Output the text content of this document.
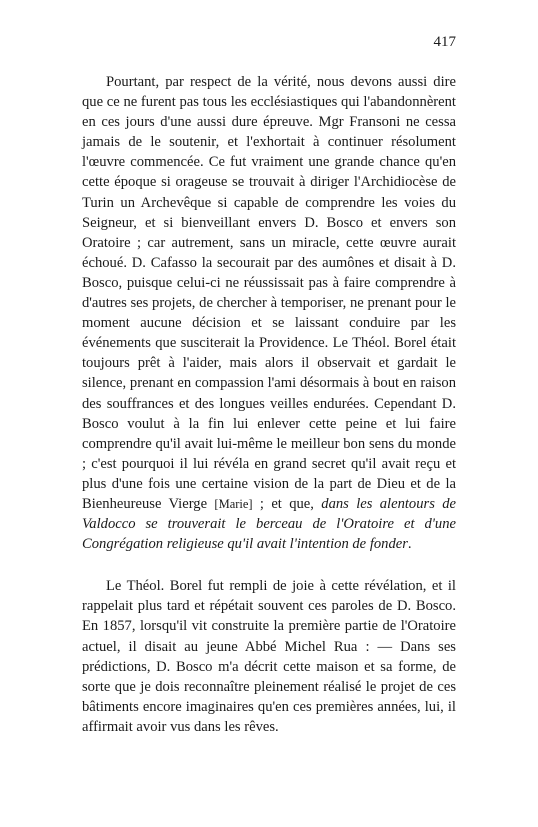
417

Pourtant, par respect de la vérité, nous devons aussi dire que ce ne furent pas tous les ecclésiastiques qui l'abandonnèrent en ces jours d'une aussi dure épreuve. Mgr Fransoni ne cessa jamais de le soutenir, et l'exhortait à continuer résolument l'œuvre commencée. Ce fut vraiment une grande chance qu'en cette époque si orageuse se trouvait à diriger l'Archidiocèse de Turin un Archevêque si capable de comprendre les voies du Seigneur, et si bienveillant envers D. Bosco et envers son Oratoire ; car autrement, sans un miracle, cette œuvre aurait échoué. D. Cafasso la secourait par des aumônes et disait à D. Bosco, puisque celui-ci ne réussissait pas à faire comprendre à d'autres ses projets, de chercher à temporiser, ne prenant pour le moment aucune décision et se laissant conduire par les événements que susciterait la Providence. Le Théol. Borel était toujours prêt à l'aider, mais alors il observait et gardait le silence, prenant en compassion l'ami désormais à bout en raison des souffrances et des longues veilles endurées. Cependant D. Bosco voulut à la fin lui enlever cette peine et lui faire comprendre qu'il avait lui-même le meilleur bon sens du monde ; c'est pourquoi il lui révéla en grand secret qu'il avait reçu et plus d'une fois une certaine vision de la part de Dieu et de la Bienheureuse Vierge [Marie] ; et que, dans les alentours de Valdocco se trouverait le berceau de l'Oratoire et d'une Congrégation religieuse qu'il avait l'intention de fonder.

Le Théol. Borel fut rempli de joie à cette révélation, et il rappelait plus tard et répétait souvent ces paroles de D. Bosco. En 1857, lorsqu'il vit construite la première partie de l'Oratoire actuel, il disait au jeune Abbé Michel Rua : — Dans ses prédictions, D. Bosco m'a décrit cette maison et sa forme, de sorte que je dois reconnaître pleinement réalisé le projet de ces bâtiments encore imaginaires qu'en ces premières années, lui, il affirmait avoir vus dans les rêves.
